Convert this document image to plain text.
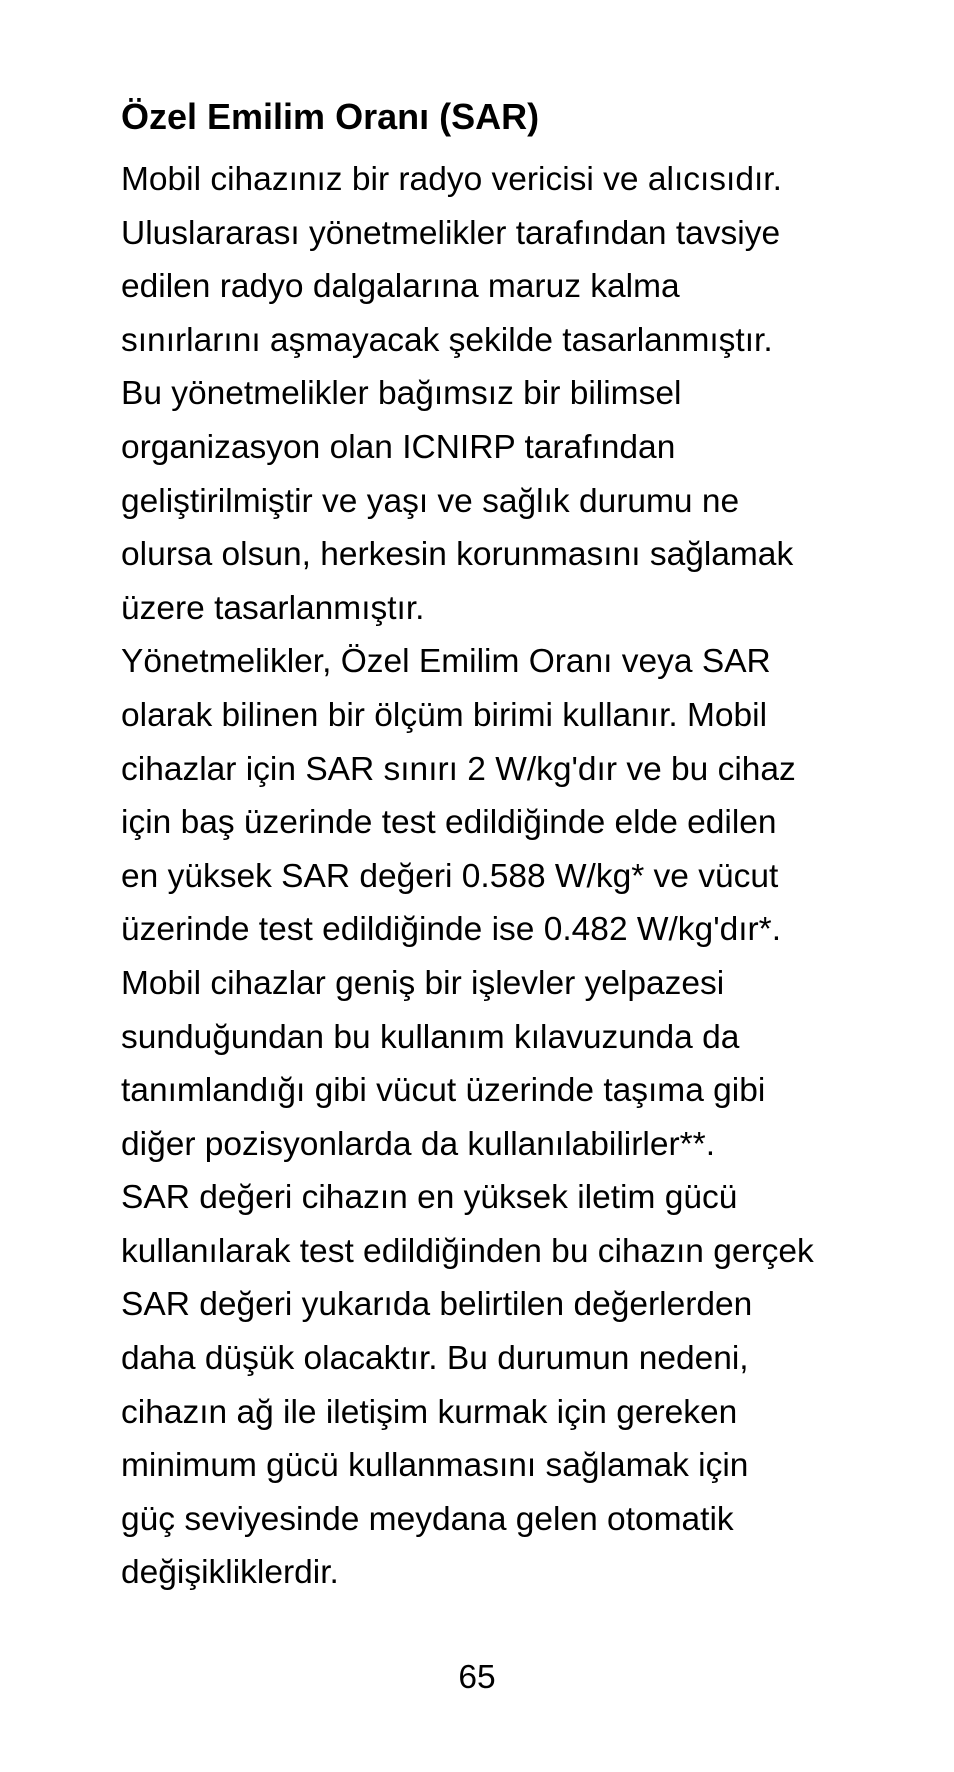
Özel Emilim Oranı (SAR)
Mobil cihazınız bir radyo vericisi ve alıcısıdır.
Uluslararası yönetmelikler tarafından tavsiye
edilen radyo dalgalarına maruz kalma
sınırlarını aşmayacak şekilde tasarlanmıştır.
Bu yönetmelikler bağımsız bir bilimsel
organizasyon olan ICNIRP tarafından
geliştirilmiştir ve yaşı ve sağlık durumu ne
olursa olsun, herkesin korunmasını sağlamak
üzere tasarlanmıştır.
Yönetmelikler, Özel Emilim Oranı veya SAR
olarak bilinen bir ölçüm birimi kullanır. Mobil
cihazlar için SAR sınırı 2 W/kg'dır ve bu cihaz
için baş üzerinde test edildiğinde elde edilen
en yüksek SAR değeri 0.588 W/kg* ve vücut
üzerinde test edildiğinde ise 0.482 W/kg'dır*.
Mobil cihazlar geniş bir işlevler yelpazesi
sunduğundan bu kullanım kılavuzunda da
tanımlandığı gibi vücut üzerinde taşıma gibi
diğer pozisyonlarda da kullanılabilirler**.
SAR değeri cihazın en yüksek iletim gücü
kullanılarak test edildiğinden bu cihazın gerçek
SAR değeri yukarıda belirtilen değerlerden
daha düşük olacaktır. Bu durumun nedeni,
cihazın ağ ile iletişim kurmak için gereken
minimum gücü kullanmasını sağlamak için
güç seviyesinde meydana gelen otomatik
değişikliklerdir.
65
